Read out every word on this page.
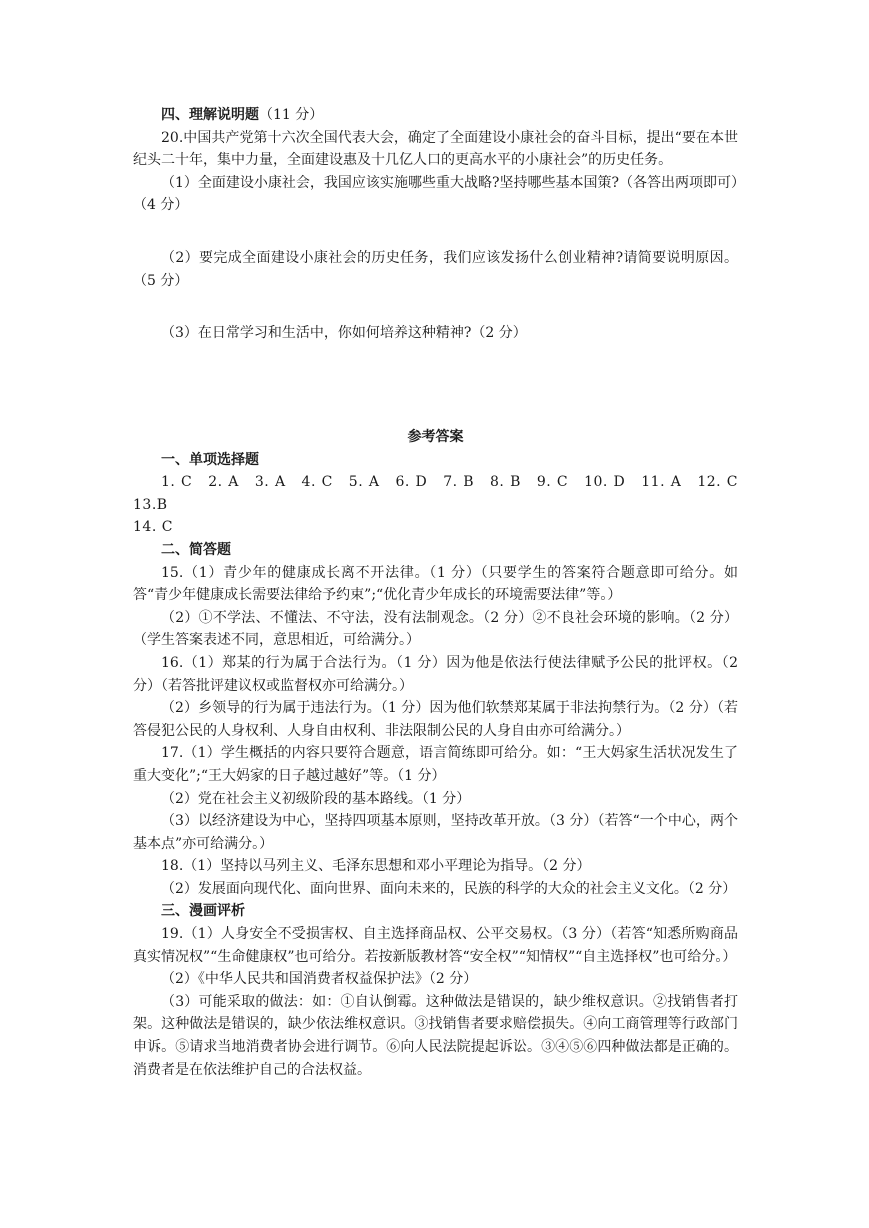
四、理解说明题（11 分）

20.中国共产党第十六次全国代表大会，确定了全面建设小康社会的奋斗目标，提出“要在本世纪头二十年，集中力量，全面建设惠及十几亿人口的更高水平的小康社会”的历史任务。

（1）全面建设小康社会，我国应该实施哪些重大战略?坚持哪些基本国策?（各答出两项即可）（4 分）

（2）要完成全面建设小康社会的历史任务，我们应该发扬什么创业精神?请简要说明原因。（5 分）

（3）在日常学习和生活中，你如何培养这种精神?（2 分）

参考答案

一、单项选择题

1. C　2. A　3. A　4. C　5. A　6. D　7. B　8. B　9. C　10. D　11. A　12. C 13.B

14. C

二、简答题

15.（1）青少年的健康成长离不开法律。（1 分）（只要学生的答案符合题意即可给分。如答“青少年健康成长需要法律给予约束”;“优化青少年成长的环境需要法律”等。）

（2）①不学法、不懂法、不守法，没有法制观念。（2 分）②不良社会环境的影响。（2 分）（学生答案表述不同，意思相近，可给满分。）

16.（1）郑某的行为属于合法行为。（1 分）因为他是依法行使法律赋予公民的批评权。（2 分）（若答批评建议权或监督权亦可给满分。）

（2）乡领导的行为属于违法行为。（1 分）因为他们软禁郑某属于非法拘禁行为。（2 分）（若答侵犯公民的人身权利、人身自由权利、非法限制公民的人身自由亦可给满分。）

17.（1）学生概括的内容只要符合题意，语言简练即可给分。如：“王大妈家生活状况发生了重大变化”;“王大妈家的日子越过越好”等。（1 分）

（2）党在社会主义初级阶段的基本路线。（1 分）

（3）以经济建设为中心，坚持四项基本原则，坚持改革开放。（3 分）（若答“一个中心，两个基本点”亦可给满分。）

18.（1）坚持以马列主义、毛泽东思想和邓小平理论为指导。（2 分）

（2）发展面向现代化、面向世界、面向未来的，民族的科学的大众的社会主义文化。（2 分）

三、漫画评析

19.（1）人身安全不受损害权、自主选择商品权、公平交易权。（3 分）（若答“知悉所购商品真实情况权”“生命健康权”也可给分。若按新版教材答“安全权”“知情权”“自主选择权”也可给分。）

（2）《中华人民共和国消费者权益保护法》（2 分）

（3）可能采取的做法：如：①自认倒霉。这种做法是错误的，缺少维权意识。②找销售者打架。这种做法是错误的，缺少依法维权意识。③找销售者要求赔偿损失。④向工商管理等行政部门申诉。⑤请求当地消费者协会进行调节。⑥向人民法院提起诉讼。③④⑤⑥四种做法都是正确的。消费者是在依法维护自己的合法权益。
